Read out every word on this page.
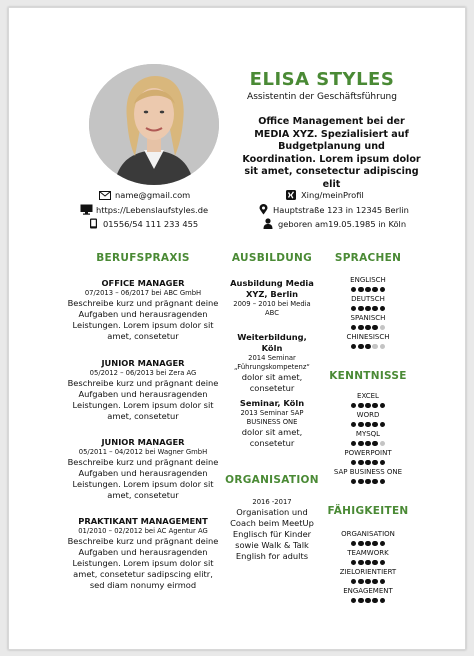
ELISA STYLES
Assistentin der Geschäftsführung
Office Management bei der MEDIA XYZ. Spezialisiert auf Budgetplanung und Koordination. Lorem ipsum dolor sit amet, consetectur adipiscing elit
name@gmail.com
https://Lebenslaufstyles.de
01556/54 111 233 455
Xing/meinProfil
Hauptstraße 123 in 12345 Berlin
geboren am19.05.1985 in Köln
BERUFSPRAXIS
OFFICE MANAGER
07/2013 – 06/2017 bei ABC GmbH
Beschreibe kurz und prägnant deine Aufgaben und herausragenden Leistungen. Lorem ipsum dolor sit amet, consetetur
JUNIOR MANAGER
05/2012 – 06/2013 bei Zera AG
Beschreibe kurz und prägnant deine Aufgaben und herausragenden Leistungen. Lorem ipsum dolor sit amet, consetetur
JUNIOR MANAGER
05/2011 – 04/2012 bei Wagner GmbH
Beschreibe kurz und prägnant deine Aufgaben und herausragenden Leistungen. Lorem ipsum dolor sit amet, consetetur
PRAKTIKANT MANAGEMENT
01/2010 – 02/2012 bei AC Agentur AG
Beschreibe kurz und prägnant deine Aufgaben und herausragenden Leistungen. Lorem ipsum dolor sit amet, consetetur sadipscing elitr, sed diam nonumy eirmod
AUSBILDUNG
Ausbildung Media XYZ, Berlin
2009 – 2010 bei Media ABC
Weiterbildung, Köln
2014 Seminar „Führungskompetenz“
dolor sit amet, consetetur
Seminar, Köln
2013 Seminar SAP BUSINESS ONE
dolor sit amet, consetetur
ORGANISATION
2016 -2017
Organisation und Coach beim MeetUp Englisch für Kinder sowie Walk & Talk English for adults
SPRACHEN
ENGLISCH
DEUTSCH
SPANISCH
CHINESISCH
KENNTNISSE
EXCEL
WORD
MYSQL
POWERPOINT
SAP BUSINESS ONE
FÄHIGKEITEN
ORGANISATION
TEAMWORK
ZIELORIENTIERT
ENGAGEMENT
